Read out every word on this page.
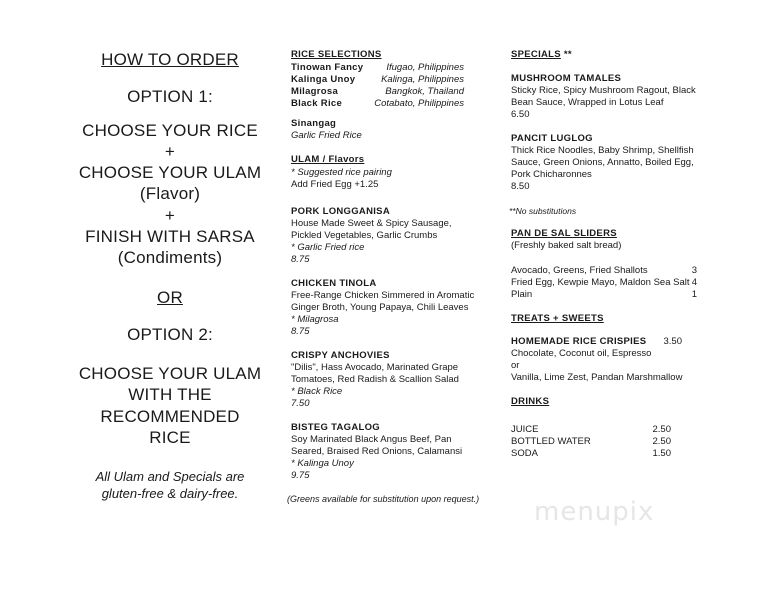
HOW TO ORDER
OPTION 1:
CHOOSE YOUR RICE
+
CHOOSE YOUR ULAM
(Flavor)
+
FINISH WITH SARSA
(Condiments)
OR
OPTION 2:
CHOOSE YOUR ULAM
WITH THE
RECOMMENDED
RICE
All Ulam and Specials are
gluten-free & dairy-free.
RICE SELECTIONS
Tinowan Fancy Ifugao, Philippines
Kalinga Unoy	Kalinga, Philippines
Milagrosa	Bangkok, Thailand
Black Rice	Cotabato, Philippines
Sinangag
Garlic Fried Rice
ULAM / Flavors
* Suggested rice pairing
Add Fried Egg +1.25
PORK LONGGANISA
House Made Sweet & Spicy Sausage,
Pickled Vegetables, Garlic Crumbs
* Garlic Fried rice
8.75
CHICKEN TINOLA
Free-Range Chicken Simmered in Aromatic
Ginger Broth, Young Papaya, Chili Leaves
* Milagrosa
8.75
CRISPY ANCHOVIES
"Dilis", Hass Avocado, Marinated Grape
Tomatoes, Red Radish & Scallion Salad
* Black Rice
7.50
BISTEG TAGALOG
Soy Marinated Black Angus Beef, Pan
Seared, Braised Red Onions, Calamansi
* Kalinga Unoy
9.75
(Greens available for substitution upon request.)
SPECIALS **
MUSHROOM TAMALES
Sticky Rice, Spicy Mushroom Ragout, Black
Bean Sauce, Wrapped in Lotus Leaf
6.50
PANCIT LUGLOG
Thick Rice Noodles, Baby Shrimp, Shellfish
Sauce, Green Onions, Annatto, Boiled Egg,
Pork Chicharonnes
8.50
**No substitutions
PAN DE SAL SLIDERS
(Freshly baked salt bread)
Avocado, Greens, Fried Shallots	3
Fried Egg, Kewpie Mayo, Maldon Sea Salt 4
Plain	1
TREATS + SWEETS
HOMEMADE RICE CRISPIES 3.50
Chocolate, Coconut oil, Espresso
or
Vanilla, Lime Zest, Pandan Marshmallow
DRINKS
JUICE	2.50
BOTTLED WATER	2.50
SODA	1.50
menupix
